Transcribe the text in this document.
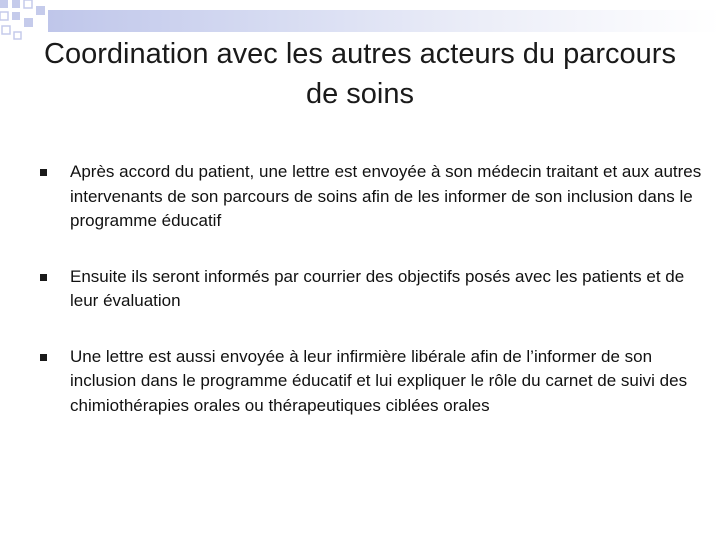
Coordination avec les autres acteurs du parcours de soins
Après accord du patient, une lettre est envoyée à son médecin traitant et aux autres intervenants de son parcours de soins afin de les informer de son inclusion dans le programme éducatif
Ensuite ils seront informés par courrier des objectifs posés avec les patients et de leur évaluation
Une lettre est aussi envoyée à leur infirmière libérale afin de l’informer de son inclusion dans le programme éducatif et lui expliquer le rôle du carnet de suivi des chimiothérapies orales ou thérapeutiques ciblées orales
